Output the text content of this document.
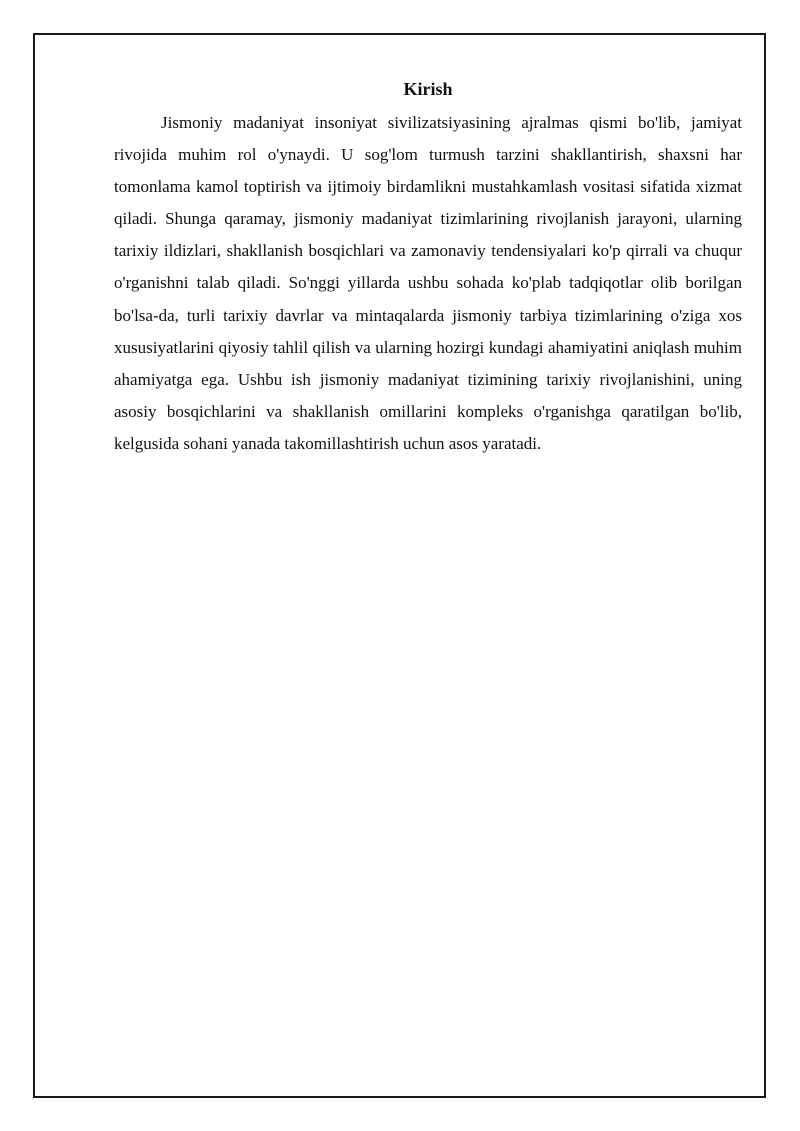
Kirish

Jismoniy madaniyat insoniyat sivilizatsiyasining ajralmas qismi bo'lib, jamiyat rivojida muhim rol o'ynaydi. U sog'lom turmush tarzini shakllantirish, shaxsni har tomonlama kamol toptirish va ijtimoiy birdamlikni mustahkamlash vositasi sifatida xizmat qiladi. Shunga qaramay, jismoniy madaniyat tizimlarining rivojlanish jarayoni, ularning tarixiy ildizlari, shakllanish bosqichlari va zamonaviy tendensiyalari ko'p qirrali va chuqur o'rganishni talab qiladi. So'nggi yillarda ushbu sohada ko'plab tadqiqotlar olib borilgan bo'lsa-da, turli tarixiy davrlar va mintaqalarda jismoniy tarbiya tizimlarining o'ziga xos xususiyatlarini qiyosiy tahlil qilish va ularning hozirgi kundagi ahamiyatini aniqlash muhim ahamiyatga ega. Ushbu ish jismoniy madaniyat tizimining tarixiy rivojlanishini, uning asosiy bosqichlarini va shakllanish omillarini kompleks o'rganishga qaratilgan bo'lib, kelgusida sohani yanada takomillashtirish uchun asos yaratadi.
